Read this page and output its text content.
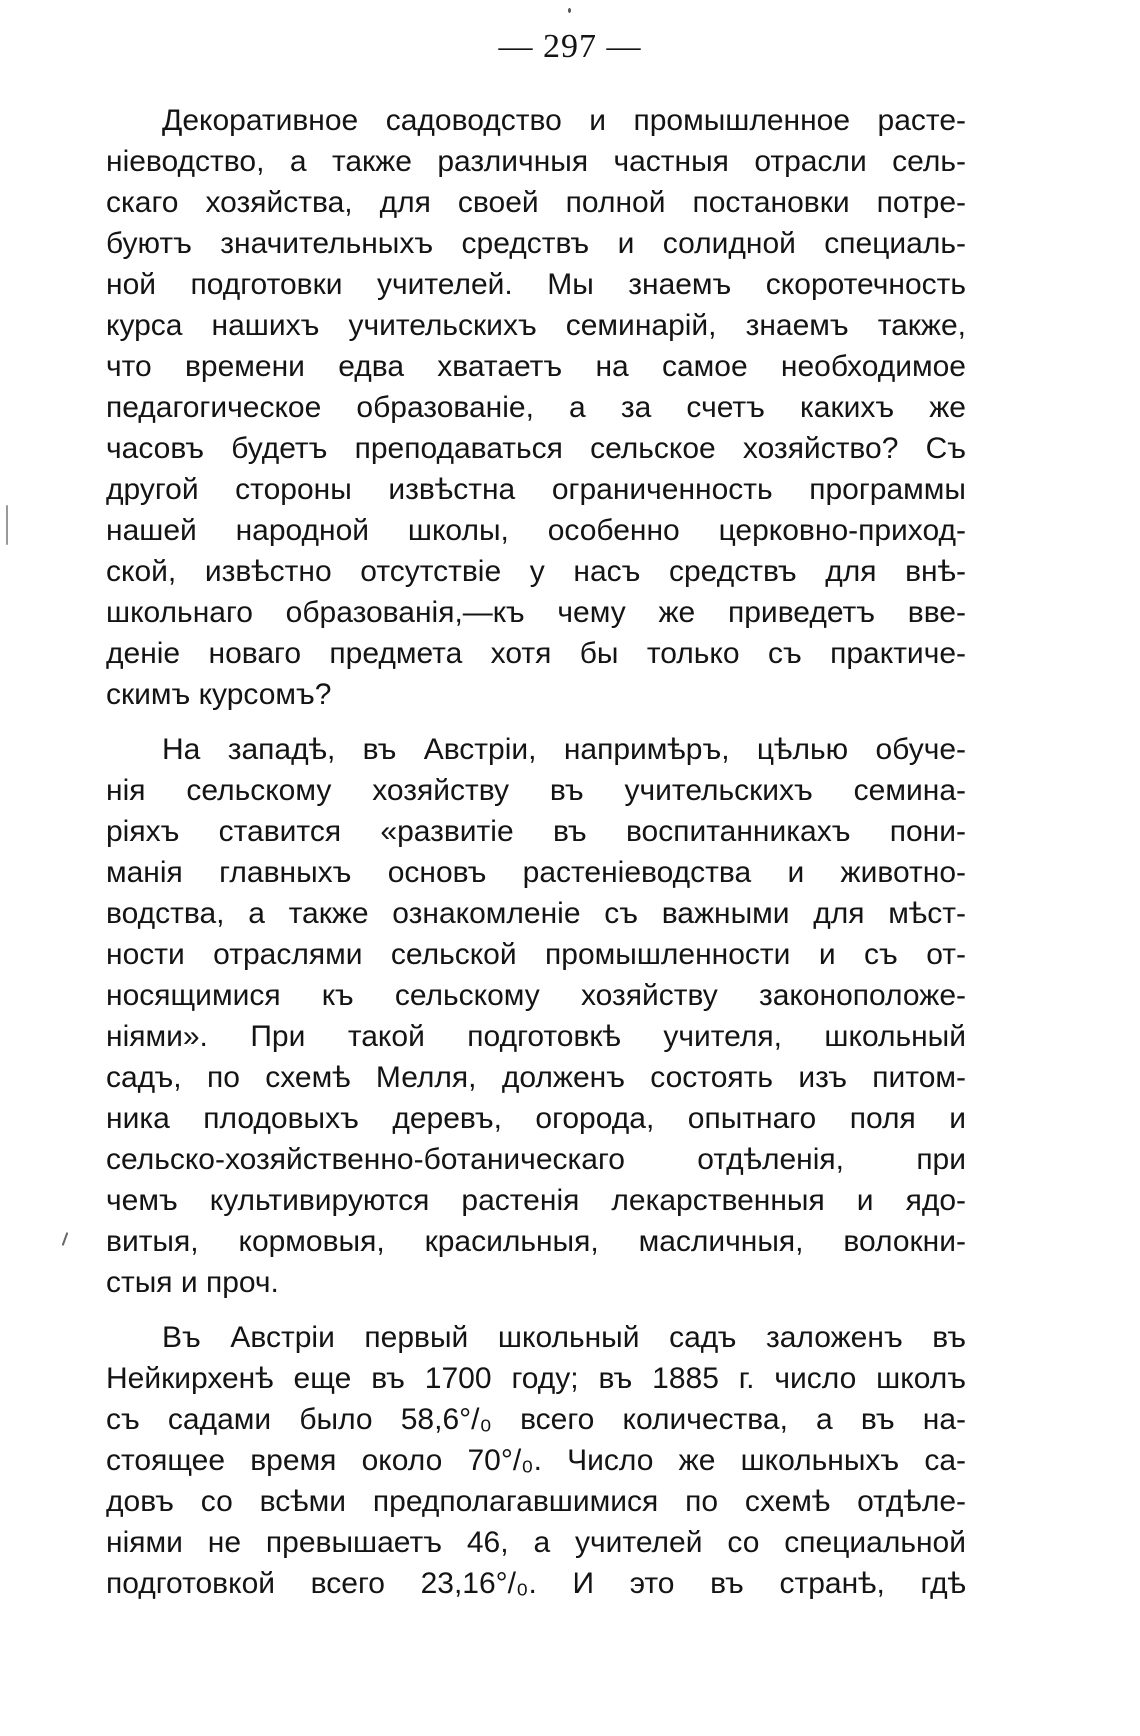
— 297 —
Декоративное садоводство и промышленное расте-
ніеводство, а также различныя частныя отрасли сель-
скаго хозяйства, для своей полной постановки потре-
буютъ значительныхъ средствъ и солидной специаль-
ной подготовки учителей. Мы знаемъ скоротечность
курса нашихъ учительскихъ семинарій, знаемъ также,
что времени едва хватаетъ на самое необходимое
педагогическое образованіе, а за счетъ какихъ же
часовъ будетъ преподаваться сельское хозяйство? Съ
другой стороны извѣстна ограниченность программы
нашей народной школы, особенно церковно-приход-
ской, извѣстно отсутствіе у насъ средствъ для внѣ-
школьнаго образованія,—къ чему же приведетъ вве-
деніе новаго предмета хотя бы только съ практиче-
скимъ курсомъ?
На западѣ, въ Австріи, напримѣръ, цѣлью обуче-
нія сельскому хозяйству въ учительскихъ семина-
ріяхъ ставится «развитіе въ воспитанникахъ пони-
манія главныхъ основъ растеніеводства и животно-
водства, а также ознакомленіе съ важными для мѣст-
ности отраслями сельской промышленности и съ от-
носящимися къ сельскому хозяйству законоположе-
ніями». При такой подготовкѣ учителя, школьный
садъ, по схемѣ Мелля, долженъ состоять изъ питом-
ника плодовыхъ деревъ, огорода, опытнаго поля и
сельско-хозяйственно-ботаническаго отдѣленія, при
чемъ культивируются растенія лекарственныя и ядо-
витыя, кормовыя, красильныя, масличныя, волокни-
стыя и проч.
Въ Австріи первый школьный садъ заложенъ въ
Нейкирхенѣ еще въ 1700 году; въ 1885 г. число школъ
съ садами было 58,6°/₀ всего количества, а въ на-
стоящее время около 70°/₀. Число же школьныхъ са-
довъ со всѣми предполагавшимися по схемѣ отдѣле-
ніями не превышаетъ 46, а учителей со специальной
подготовкой всего 23,16°/₀. И это въ странѣ, гдѣ
